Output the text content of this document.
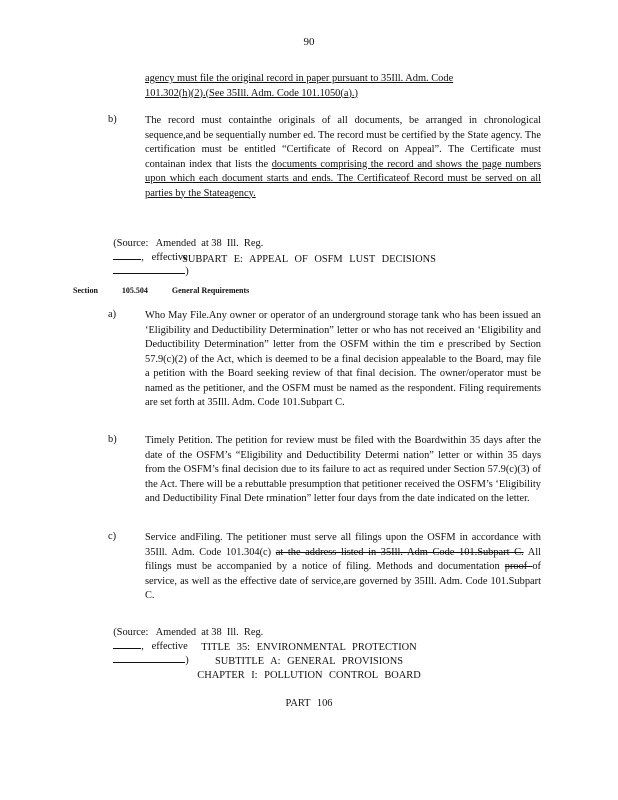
90
agency must file the original record in paper pursuant to 35Ill. Adm. Code
101.302(h)(2).(See 35Ill. Adm. Code 101.1050(a).)
b)	The record must containthe originals of all documents, be arranged in chronological sequence,and be sequentially number ed. The record must be certified by the State agency. The certification must be entitled “Certificate of Record on Appeal”. The Certificate must containan index that lists the documents comprising the record and shows the page numbers upon which each document starts and ends. The Certificateof Record must be served on all parties by the Stateagency.

(Source:   Amended  at 38  Ill.  Reg.
,   effective
)

SUBPART E: APPEAL OF OSFM LUST DECISIONS
Section	105.504	General Requirements
a)	Who May File.Any owner or operator of an underground storage tank who has been issued an ‘Eligibility and Deductibility Determination” letter or who has not received an ‘Eligibility and Deductibility Determination” letter from the OSFM within the tim e prescribed by Section 57.9(c)(2) of the Act, which is deemed to be a final decision appealable to the Board, may file a petition with the Board seeking review of that final decision. The owner/operator must be named as the petitioner, and the OSFM must be named as the respondent. Filing requirements are set forth at 35Ill. Adm. Code 101.Subpart C.
b)	Timely Petition. The petition for review must be filed with the Boardwithin 35 days after the date of the OSFM’s “Eligibility and Deductibility Determi nation” letter or within 35 days from the OSFM’s final decision due to its failure to act as required under Section 57.9(c)(3) of the Act. There will be a rebuttable presumption that petitioner received the OSFM’s ‘Eligibility and Deductibility Final Dete rmination” letter four days from the date indicated on the letter.
c)	Service andFiling. The petitioner must serve all filings upon the OSFM in accordance with 35Ill. Adm. Code 101.304(c) at the address listed in 35Ill. Adm Code 101.Subpart C. All filings must be accompanied by a notice of filing. Methods and documentation proof of service, as well as the effective date of service,are governed by 35Ill. Adm. Code 101.Subpart C.

(Source:   Amended  at 38  Ill.  Reg.
,   effective
)

TITLE 35: ENVIRONMENTAL PROTECTION
SUBTITLE A: GENERAL PROVISIONS
CHAPTER I: POLLUTION CONTROL BOARD
PART 106
